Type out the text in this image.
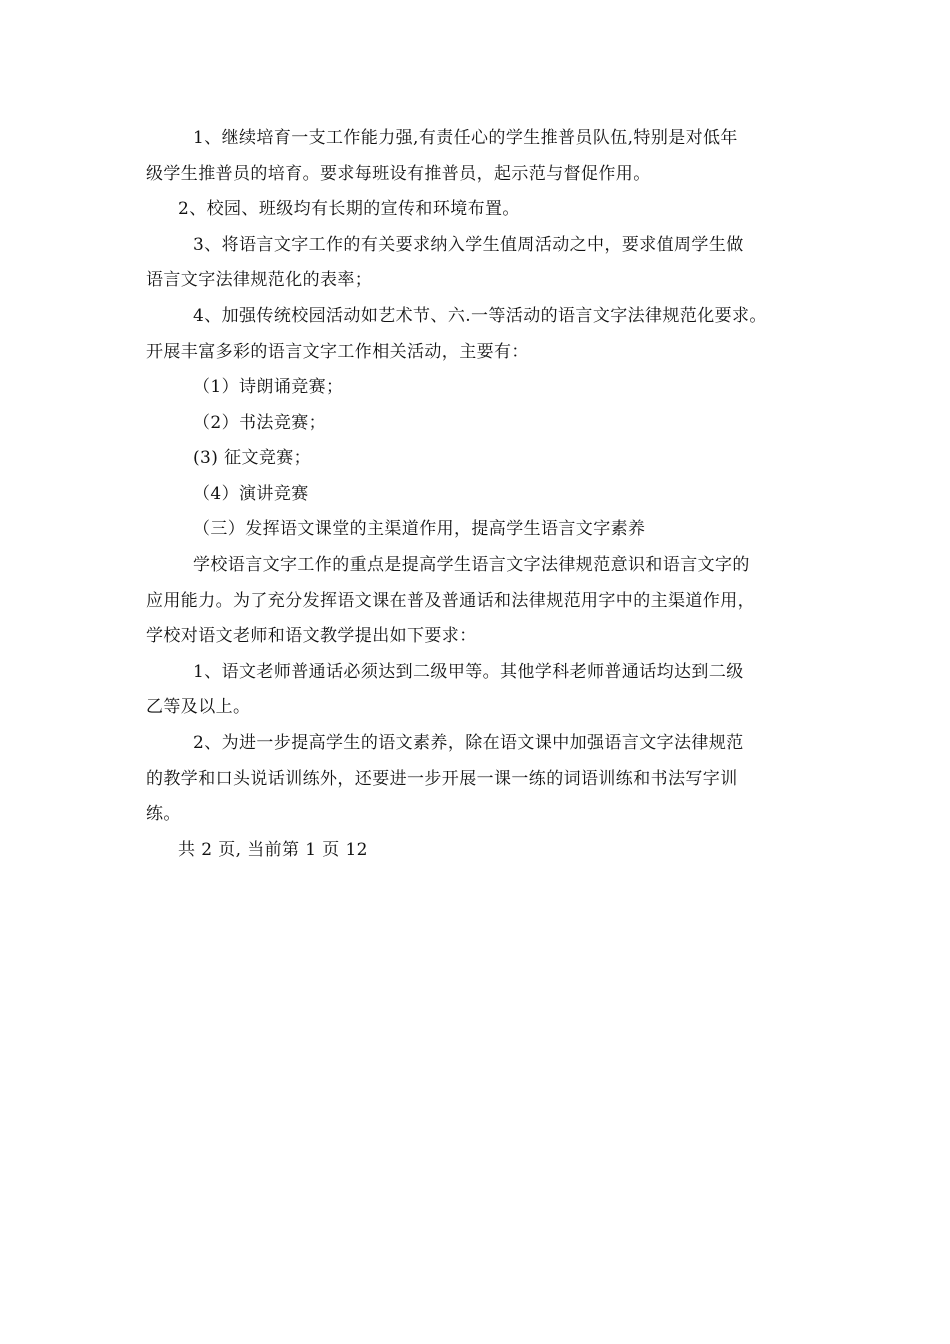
1、继续培育一支工作能力强,有责任心的学生推普员队伍,特别是对低年
级学生推普员的培育。要求每班设有推普员，起示范与督促作用。
2、校园、班级均有长期的宣传和环境布置。
3、将语言文字工作的有关要求纳入学生值周活动之中，要求值周学生做
语言文字法律规范化的表率；
4、加强传统校园活动如艺术节、六.一等活动的语言文字法律规范化要求。
开展丰富多彩的语言文字工作相关活动，主要有：
（1）诗朗诵竞赛；
（2）书法竞赛；
(3) 征文竞赛；
（4）演讲竞赛
（三）发挥语文课堂的主渠道作用，提高学生语言文字素养
学校语言文字工作的重点是提高学生语言文字法律规范意识和语言文字的
应用能力。为了充分发挥语文课在普及普通话和法律规范用字中的主渠道作用，
学校对语文老师和语文教学提出如下要求：
1、语文老师普通话必须达到二级甲等。其他学科老师普通话均达到二级
乙等及以上。
2、为进一步提高学生的语文素养，除在语文课中加强语言文字法律规范
的教学和口头说话训练外，还要进一步开展一课一练的词语训练和书法写字训
练。
共 2 页, 当前第 1 页 12
